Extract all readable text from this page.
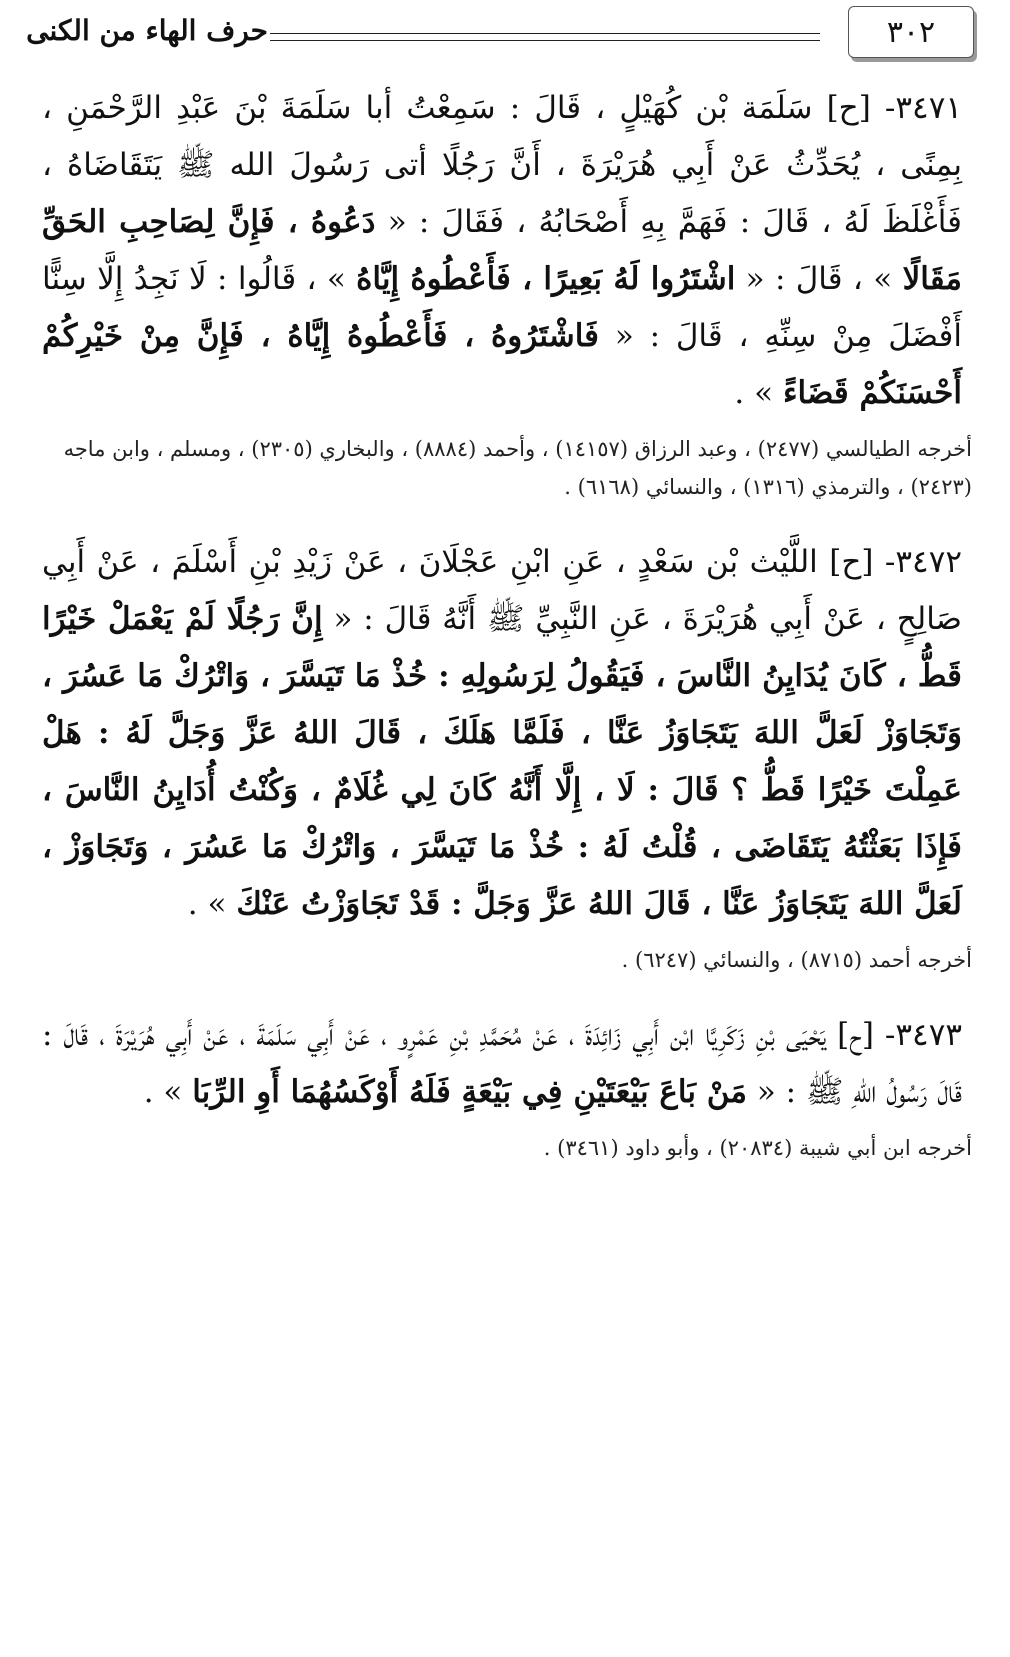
٣٠٢
حرف الهاء من الكنى

٣٤٧١- [ح] سَلَمَة بْن كُهَيْلٍ ، قَالَ : سَمِعْتُ أبا سَلَمَةَ بْنَ عَبْدِ الرَّحْمَنِ ، بِمِنًى ، يُحَدِّثُ عَنْ أَبِي هُرَيْرَةَ ، أَنَّ رَجُلًا أتى رَسُولَ الله ﷺ يَتَقَاضَاهُ ، فَأَغْلَظَ لَهُ ، قَالَ : فَهَمَّ بِهِ أَصْحَابُهُ ، فَقَالَ : « دَعُوهُ ، فَإِنَّ لِصَاحِبِ الحَقِّ مَقَالًا » ، قَالَ : « اشْتَرُوا لَهُ بَعِيرًا ، فَأَعْطُوهُ إِيَّاهُ » ، قَالُوا : لَا نَجِدُ إِلَّا سِنًّا أَفْضَلَ مِنْ سِنِّهِ ، قَالَ : « فَاشْتَرُوهُ ، فَأَعْطُوهُ إِيَّاهُ ، فَإِنَّ مِنْ خَيْرِكُمْ أَحْسَنَكُمْ قَضَاءً » .

أخرجه الطيالسي (٢٤٧٧) ، وعبد الرزاق (١٤١٥٧) ، وأحمد (٨٨٨٤) ، والبخاري (٢٣٠٥) ، ومسلم ، وابن ماجه (٢٤٢٣) ، والترمذي (١٣١٦) ، والنسائي (٦١٦٨) .

٣٤٧٢- [ح] اللَّيْث بْن سَعْدٍ ، عَنِ ابْنِ عَجْلَانَ ، عَنْ زَيْدِ بْنِ أَسْلَمَ ، عَنْ أَبِي صَالِحٍ ، عَنْ أَبِي هُرَيْرَةَ ، عَنِ النَّبِيِّ ﷺ أَنَّهُ قَالَ : « إِنَّ رَجُلًا لَمْ يَعْمَلْ خَيْرًا قَطُّ ، كَانَ يُدَايِنُ النَّاسَ ، فَيَقُولُ لِرَسُولِهِ : خُذْ مَا تَيَسَّرَ ، وَاتْرُكْ مَا عَسُرَ ، وَتَجَاوَزْ لَعَلَّ اللهَ يَتَجَاوَزُ عَنَّا ، فَلَمَّا هَلَكَ ، قَالَ اللهُ عَزَّ وَجَلَّ لَهُ : هَلْ عَمِلْتَ خَيْرًا قَطُّ ؟ قَالَ : لَا ، إِلَّا أَنَّهُ كَانَ لِي غُلَامٌ ، وَكُنْتُ أُدَايِنُ النَّاسَ ، فَإِذَا بَعَثْتُهُ يَتَقَاضَى ، قُلْتُ لَهُ : خُذْ مَا تَيَسَّرَ ، وَاتْرُكْ مَا عَسُرَ ، وَتَجَاوَزْ ، لَعَلَّ اللهَ يَتَجَاوَزُ عَنَّا ، قَالَ اللهُ عَزَّ وَجَلَّ : قَدْ تَجَاوَزْتُ عَنْكَ » .

أخرجه أحمد (٨٧١٥) ، والنسائي (٦٢٤٧) .

٣٤٧٣- [ح] يَحْيَى بْنِ زَكَرِيَّا ابْن أَبِي زَائِدَةَ ، عَنْ مُحَمَّدِ بْنِ عَمْرٍو ، عَنْ أَبِي سَلَمَةَ ، عَنْ أَبِي هُرَيْرَةَ ، قَالَ : قَالَ رَسُولُ اللهِ ﷺ : « مَنْ بَاعَ بَيْعَتَيْنِ فِي بَيْعَةٍ فَلَهُ أَوْكَسُهُمَا أَوِ الرِّبَا » .

أخرجه ابن أبي شيبة (٢٠٨٣٤) ، وأبو داود (٣٤٦١) .
